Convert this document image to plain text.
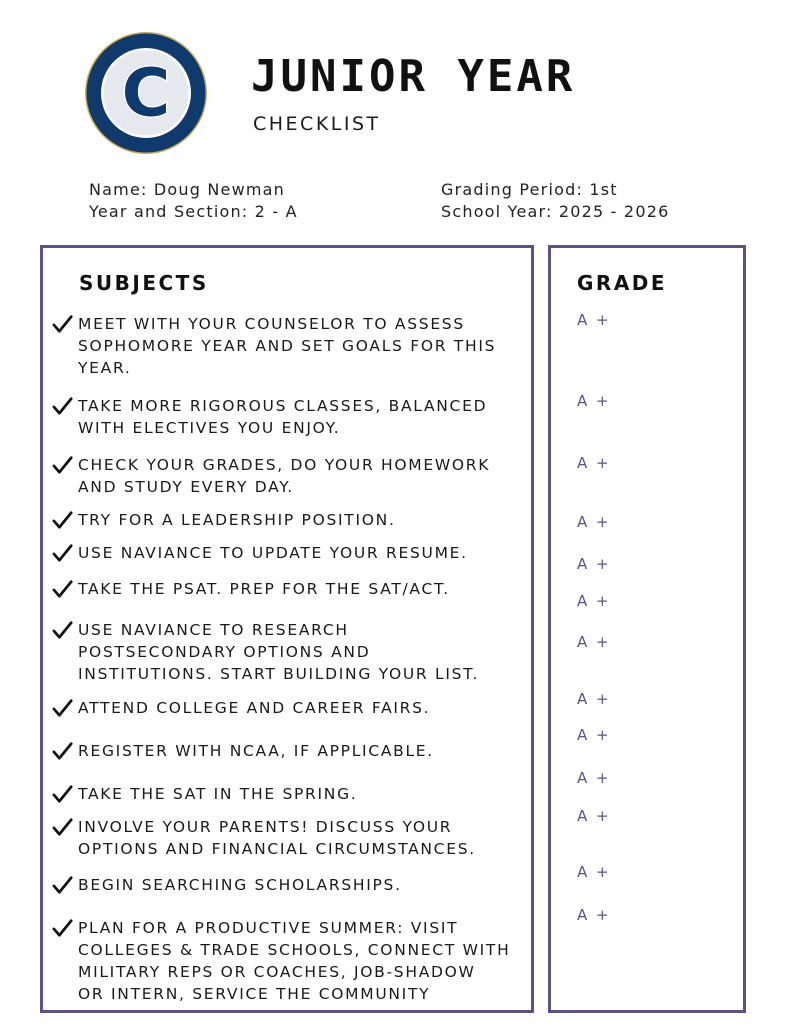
C JUNIOR YEAR
CHECKLIST
Name: Doug Newman
Year and Section: 2 - A
Grading Period: 1st
School Year: 2025 - 2026
SUBJECTS	GRADE
MEET WITH YOUR COUNSELOR TO ASSESS
SOPHOMORE YEAR AND SET GOALS FOR THIS
YEAR.
TAKE MORE RIGOROUS CLASSES, BALANCED
WITH ELECTIVES YOU ENJOY.
CHECK YOUR GRADES, DO YOUR HOMEWORK
AND STUDY EVERY DAY.
TRY FOR A LEADERSHIP POSITION.
USE NAVIANCE TO UPDATE YOUR RESUME.
TAKE THE PSAT. PREP FOR THE SAT/ACT.
USE NAVIANCE TO RESEARCH
POSTSECONDARY OPTIONS AND
INSTITUTIONS. START BUILDING YOUR LIST.
ATTEND COLLEGE AND CAREER FAIRS.
REGISTER WITH NCAA, IF APPLICABLE.
TAKE THE SAT IN THE SPRING.
INVOLVE YOUR PARENTS! DISCUSS YOUR
OPTIONS AND FINANCIAL CIRCUMSTANCES.
BEGIN SEARCHING SCHOLARSHIPS.
PLAN FOR A PRODUCTIVE SUMMER: VISIT
COLLEGES & TRADE SCHOOLS, CONNECT WITH
MILITARY REPS OR COACHES, JOB-SHADOW
OR INTERN, SERVICE THE COMMUNITY
A +
A +
A +
A +
A +
A +
A +
A +
A +
A +
A +
A +
A +
